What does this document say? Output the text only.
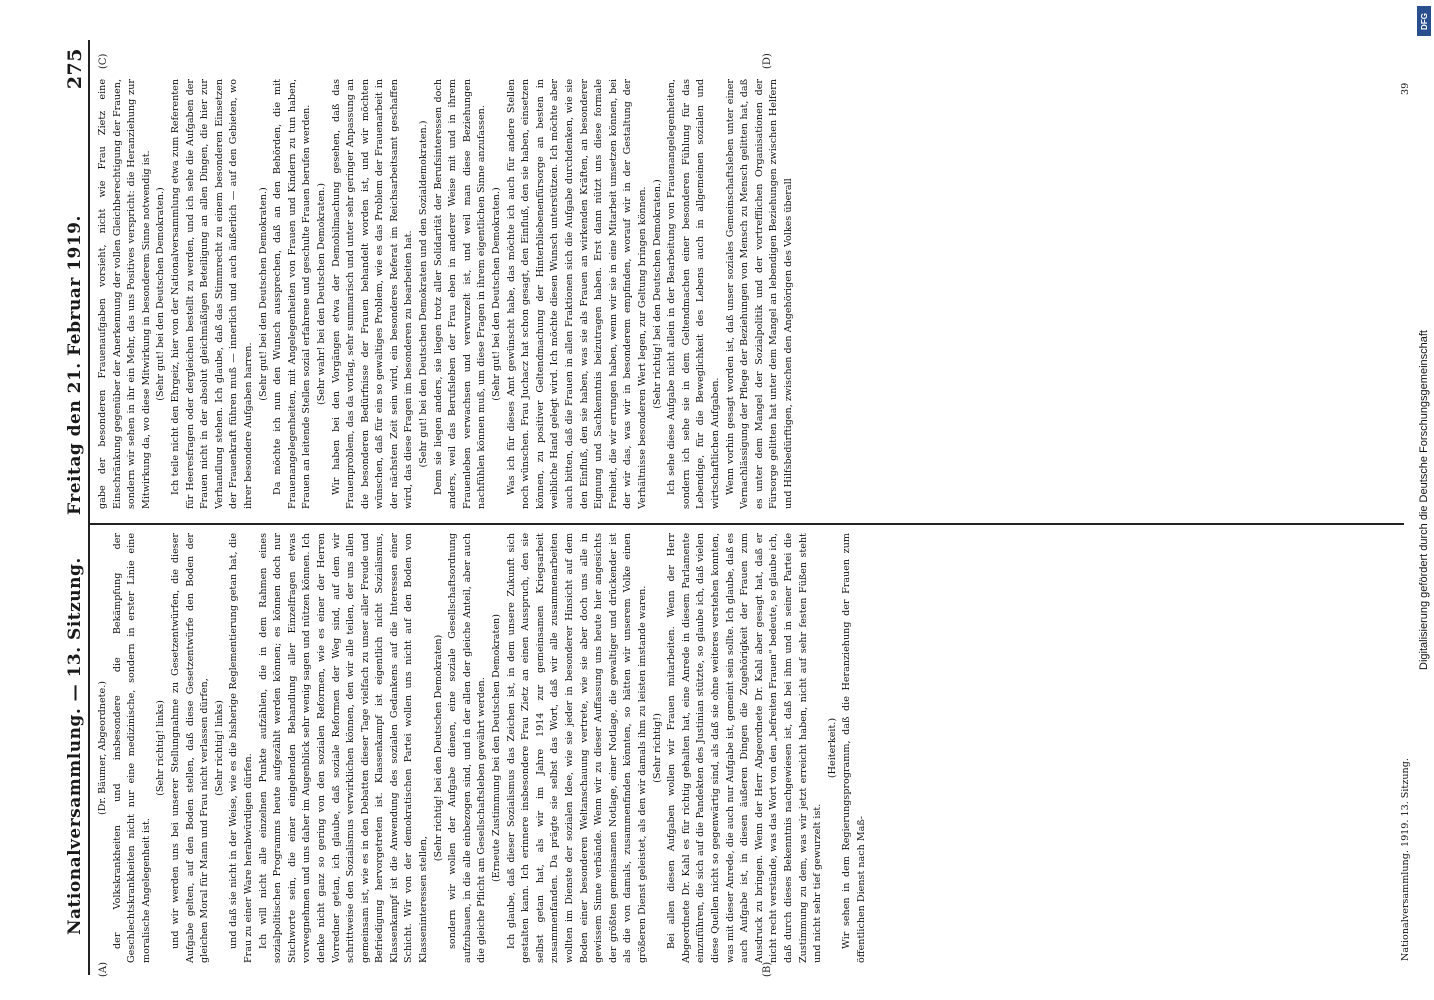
Nationalversammlung. — 13. Sitzung.
Freitag den 21. Februar 1919.
275
(A)	(B)
(C)	(D)

(Dr. Bäumer, Abgeordnete.) der Volkskrankheiten und insbesondere die Bekämpfung der Geschlechtskrankheiten nicht nur eine medizinische, sondern in erster Linie eine moralische Angelegenheit ist.

(Sehr richtig! links) und wir werden uns bei unserer Stellungnahme zu Gesetzentwürfen, die dieser Aufgabe gelten, auf den Boden stellen, daß diese Gesetzentwürfe den Boden der gleichen Moral für Mann und Frau nicht verlassen dürfen, (Sehr richtig! links) und daß sie nicht in der Weise, wie es die bisherige Reglementierung getan hat, die Frau zu einer Ware herabwürdigen dürfen. Ich will nicht alle einzelnen Punkte aufzählen, die in dem Rahmen eines sozialpolitischen Programms heute aufgezählt werden können; es können doch nur Stichworte sein, die einer eingehenden Behandlung aller Einzelfragen etwas vorwegnehmen und uns daher im Augenblick sehr wenig sagen und nützen können. Ich denke nicht ganz so gering von den sozialen Reformen, wie es einer der Herren Vorredner getan, ich glaube, daß soziale Reformen der Weg sind, auf dem wir schrittweise den Sozialismus verwirklichen können, den wir alle teilen, der uns allen gemeinsam ist, wie es in den Debatten dieser Tage vielfach zu unser aller Freude und Befriedigung hervorgetreten ist. Klassenkampf ist eigentlich nicht Sozialismus, Klassenkampf ist die Anwendung des sozialen Gedankens auf die Interessen einer Schicht. Wir von der demokratischen Partei wollen uns nicht auf den Boden von Klasseninteressen stellen,

(Sehr richtig! bei den Deutschen Demokraten) sondern wir wollen der Aufgabe dienen, eine soziale Gesellschaftsordnung aufzubauen, in die alle einbezogen sind, und in der allen der gleiche Anteil, aber auch die gleiche Pflicht am Gesellschaftsleben gewährt werden. (Erneute Zustimmung bei den Deutschen Demokraten) Ich glaube, daß dieser Sozialismus das Zeichen ist, in dem unsere Zukunft sich gestalten kann. Ich erinnere insbesondere Frau Zietz an einen Ausspruch, den sie selbst getan hat, als wir im Jahre 1914 zur gemeinsamen Kriegsarbeit zusammenfanden. Da prägte sie selbst das Wort, daß wir alle zusammenarbeiten wollten im Dienste der sozialen Idee, wie sie jeder in besonderer Hinsicht auf dem Boden einer besonderen Weltanschauung vertrete, wie sie aber doch uns alle in gewissem Sinne verbände. Wenn wir zu dieser Auffassung uns heute hier angesichts der größten gemeinsamen Notlage, einer Notlage, die gewaltiger und drückender ist als die von damals, zusammenfinden könnten, so hätten wir unserem Volke einen größeren Dienst geleistet, als den wir damals ihm zu leisten imstande waren. (Sehr richtig!) Bei allen diesen Aufgaben wollen wir Frauen mitarbeiten. Wenn der Herr Abgeordnete Dr. Kahl es für richtig gehalten hat, eine Anrede in diesem Parlamente einzuführen, die sich auf die Pandekten des Justinian stützte, so glaube ich, daß vielen diese Quellen nicht so gegenwärtig sind, als daß sie ohne weiteres verstehen konnten, was mit dieser Anrede, die auch nur Aufgabe ist, gemeint sein sollte. Ich glaube, daß es auch Aufgabe ist, in diesen äußeren Dingen die Zugehörigkeit der Frauen zum Ausdruck zu bringen. Wenn der Herr Abgeordnete Dr. Kahl aber gesagt hat, daß er nicht recht verstände, was das Wort von den „befreiten Frauen" bedeute, so glaube ich, daß durch dieses Bekenntnis nachgewiesen ist, daß bei ihm und in seiner Partei die Zustimmung zu dem, was wir jetzt erreicht haben, nicht auf sehr festen Füßen steht und nicht sehr tief gewurzelt ist.

(Heiterkeit.) Wir sehen in dem Regierungsprogramm, daß die Heranziehung der Frauen zum öffentlichen Dienst nach Maß-

gabe der besonderen Frauenaufgaben vorsieht, nicht wie Frau Zietz eine Einschränkung gegenüber der Anerkennung der vollen Gleichberechtigung der Frauen, sondern wir sehen in ihr ein Mehr, das uns Positives verspricht: die Heranziehung zur Mitwirkung da, wo diese Mitwirkung in besonderem Sinne notwendig ist. (Sehr gut! bei den Deutschen Demokraten.) Ich teile nicht den Ehrgeiz, hier von der Nationalversammlung etwa zum Referenten für Heeresfragen oder dergleichen bestellt zu werden, und ich sehe die Aufgaben der Frauen nicht in der absolut gleichmäßigen Beteiligung an allen Dingen, die hier zur Verhandlung stehen. Ich glaube, daß das Stimmrecht zu einem besonderen Einsetzen der Frauenkraft führen muß — innerlich und auch äußerlich — auf den Gebieten, wo ihrer besondere Aufgaben harren.

(Sehr gut! bei den Deutschen Demokraten.) Da möchte ich nun den Wunsch aussprechen, daß an den Behörden, die mit Frauenangelegenheiten, mit Angelegenheiten von Frauen und Kindern zu tun haben, Frauen an leitende Stellen sozial erfahrene und geschulte Frauen berufen werden. (Sehr wahr! bei den Deutschen Demokraten.) Wir haben bei den Vorgängen etwa der Demobilmachung gesehen, daß das Frauenproblem, das da vorlag, sehr summarisch und unter sehr geringer Anpassung an die besonderen Bedürfnisse der Frauen behandelt worden ist, und wir möchten wünschen, daß für ein so gewaltiges Problem, wie es das Problem der Frauenarbeit in der nächsten Zeit sein wird, ein besonderes Referat im Reichsarbeitsamt geschaffen wird, das diese Fragen im besonderen zu bearbeiten hat. (Sehr gut! bei den Deutschen Demokraten und den Sozialdemokraten.) Denn sie liegen anders, sie liegen trotz aller Solidarität der Berufsinteressen doch anders, weil das Berufsleben der Frau eben in anderer Weise mit und in ihrem Frauenleben verwachsen und verwurzelt ist, und weil man diese Beziehungen nachfühlen können muß, um diese Fragen in ihrem eigentlichen Sinne anzufassen. (Sehr gut! bei den Deutschen Demokraten.) Was ich für dieses Amt gewünscht habe, das möchte ich auch für andere Stellen noch wünschen. Frau Juchacz hat schon gesagt, den Einfluß, den sie haben, einsetzen können, zu positiver Geltendmachung der Hinterbliebenenfürsorge an besten in weibliche Hand gelegt wird. Ich möchte diesen Wunsch unterstützen. Ich möchte aber auch bitten, daß die Frauen in allen Fraktionen sich die Aufgabe durchdenken, wie sie den Einfluß, den sie haben, was sie als Frauen an wirkenden Kräften, an besonderer Eignung und Sachkenntnis beizutragen haben. Erst dann nützt uns diese formale Freiheit, die wir errungen haben, wenn wir sie in eine Mitarbeit umsetzen können, bei der wir das, was wir in besonderem empfinden, worauf wir in der Gestaltung der Verhältnisse besonderen Wert legen, zur Geltung bringen können. (Sehr richtig! bei den Deutschen Demokraten.) Ich sehe diese Aufgabe nicht allein in der Bearbeitung von Frauenangelegenheiten, sondern ich sehe sie in dem Geltendmachen einer besonderen Fühlung für das Lebendige, für die Beweglichkeit des Lebens auch in allgemeinen sozialen und wirtschaftlichen Aufgaben. Wenn vorhin gesagt worden ist, daß unser soziales Gemeinschaftsleben unter einer Vernachlässigung der Pflege der Beziehungen von Mensch zu Mensch gelitten hat, daß es unter dem Mangel der Sozialpolitik und der vortrefflichen Organisationen der Fürsorge gelitten hat unter dem Mangel an lebendigen Beziehungen zwischen Helfern und Hilfsbedürftigen, zwischen den Angehörigen des Volkes überall

Nationalversammlung. 1919. 13. Sitzung.
39
Digitalisierung gefördert durch die Deutsche Forschungsgemeinschaft
DFG
